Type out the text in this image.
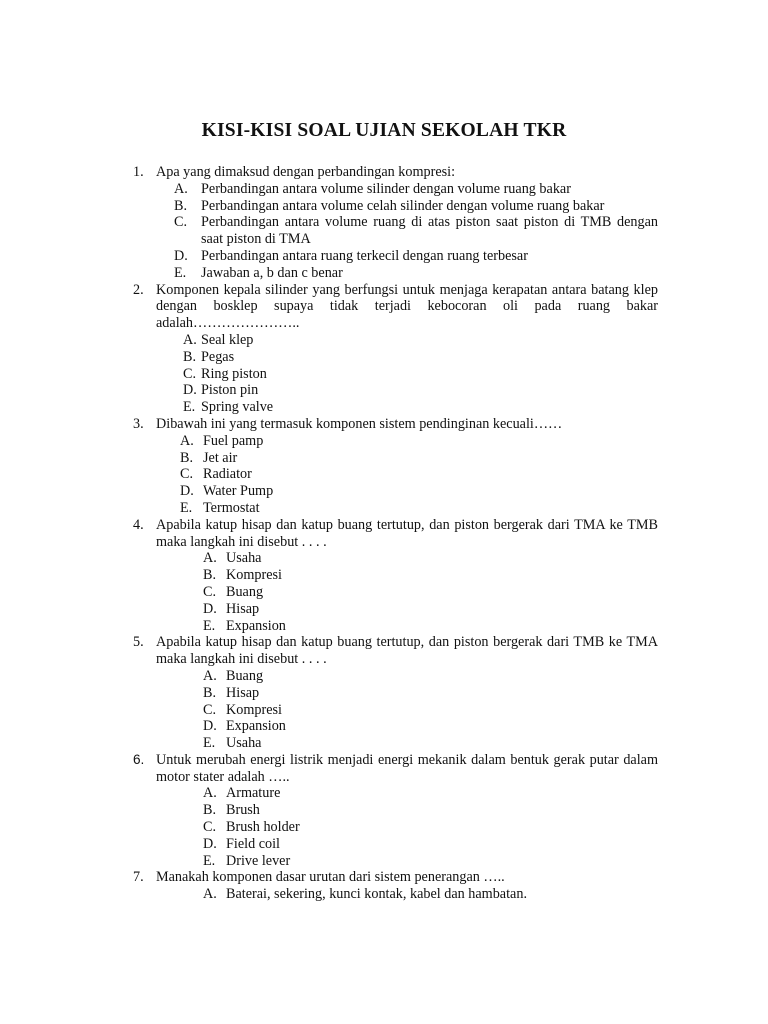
KISI-KISI SOAL UJIAN SEKOLAH TKR
1. Apa yang dimaksud dengan perbandingan kompresi:
A. Perbandingan antara volume silinder dengan volume ruang bakar
B. Perbandingan antara volume celah silinder dengan volume ruang bakar
C. Perbandingan antara volume ruang di atas piston saat piston di TMB dengan saat piston di TMA
D. Perbandingan antara ruang terkecil dengan ruang terbesar
E. Jawaban a, b dan c benar
2. Komponen kepala silinder yang berfungsi untuk menjaga kerapatan antara batang klep dengan bosklep supaya tidak terjadi kebocoran oli pada ruang bakar adalah…………………..
A. Seal klep
B. Pegas
C. Ring piston
D. Piston pin
E. Spring valve
3. Dibawah ini yang termasuk komponen sistem pendinginan kecuali……
A. Fuel pamp
B. Jet air
C. Radiator
D. Water Pump
E. Termostat
4. Apabila katup hisap dan katup buang tertutup, dan piston bergerak dari TMA ke TMB maka langkah ini disebut . . . .
A. Usaha
B. Kompresi
C. Buang
D. Hisap
E. Expansion
5. Apabila katup hisap dan katup buang tertutup, dan piston bergerak dari TMB ke TMA maka langkah ini disebut . . . .
A. Buang
B. Hisap
C. Kompresi
D. Expansion
E. Usaha
6. Untuk merubah energi listrik menjadi energi mekanik dalam bentuk gerak putar dalam motor stater adalah …..
A. Armature
B. Brush
C. Brush holder
D. Field coil
E. Drive lever
7. Manakah komponen dasar urutan dari sistem penerangan …..
A. Baterai, sekering, kunci kontak, kabel dan hambatan.
